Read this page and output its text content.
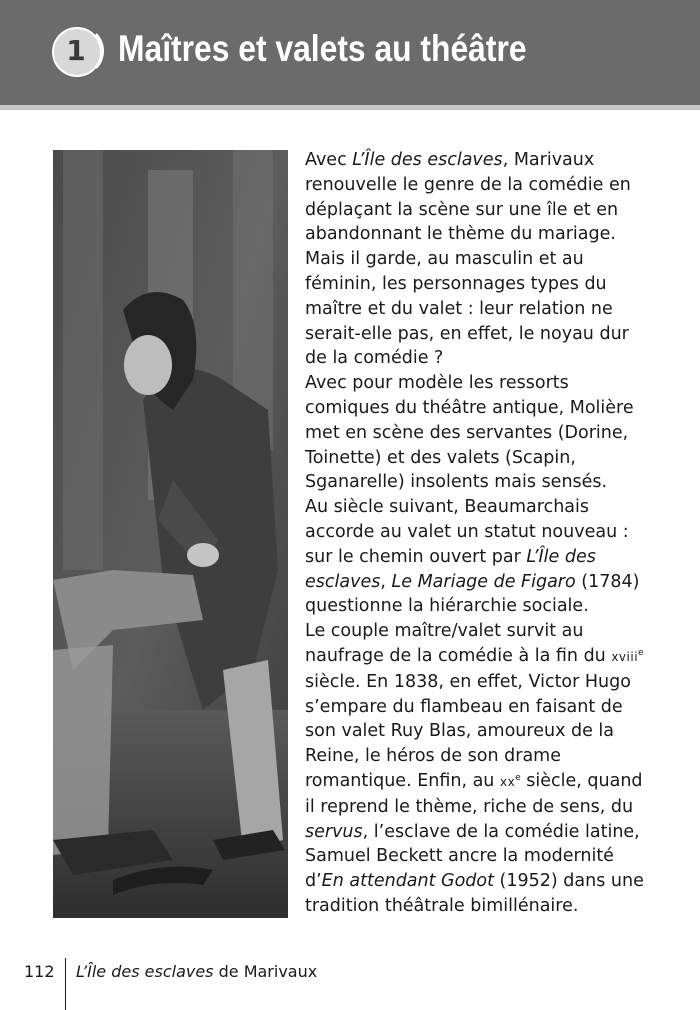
1 Maîtres et valets au théâtre

Avec L’Île des esclaves, Marivaux renouvelle le genre de la comédie en déplaçant la scène sur une île et en abandonnant le thème du mariage. Mais il garde, au masculin et au féminin, les personnages types du maître et du valet : leur relation ne serait-elle pas, en effet, le noyau dur de la comédie ?

Avec pour modèle les ressorts comiques du théâtre antique, Molière met en scène des servantes (Dorine, Toinette) et des valets (Scapin, Sganarelle) insolents mais sensés.

Au siècle suivant, Beaumarchais accorde au valet un statut nouveau : sur le chemin ouvert par L’Île des esclaves, Le Mariage de Figaro (1784) questionne la hiérarchie sociale.

Le couple maître/valet survit au naufrage de la comédie à la fin du xviii$^e$ siècle. En 1838, en effet, Victor Hugo s’empare du flambeau en faisant de son valet Ruy Blas, amoureux de la Reine, le héros de son drame romantique. Enfin, au $xx^e$ siècle, quand il reprend le thème, riche de sens, du servus, l’esclave de la comédie latine, Samuel Beckett ancre la modernité d’En attendant Godot (1952) dans une tradition théâtrale bimillénaire.

112 L’Île des esclaves de Marivaux
